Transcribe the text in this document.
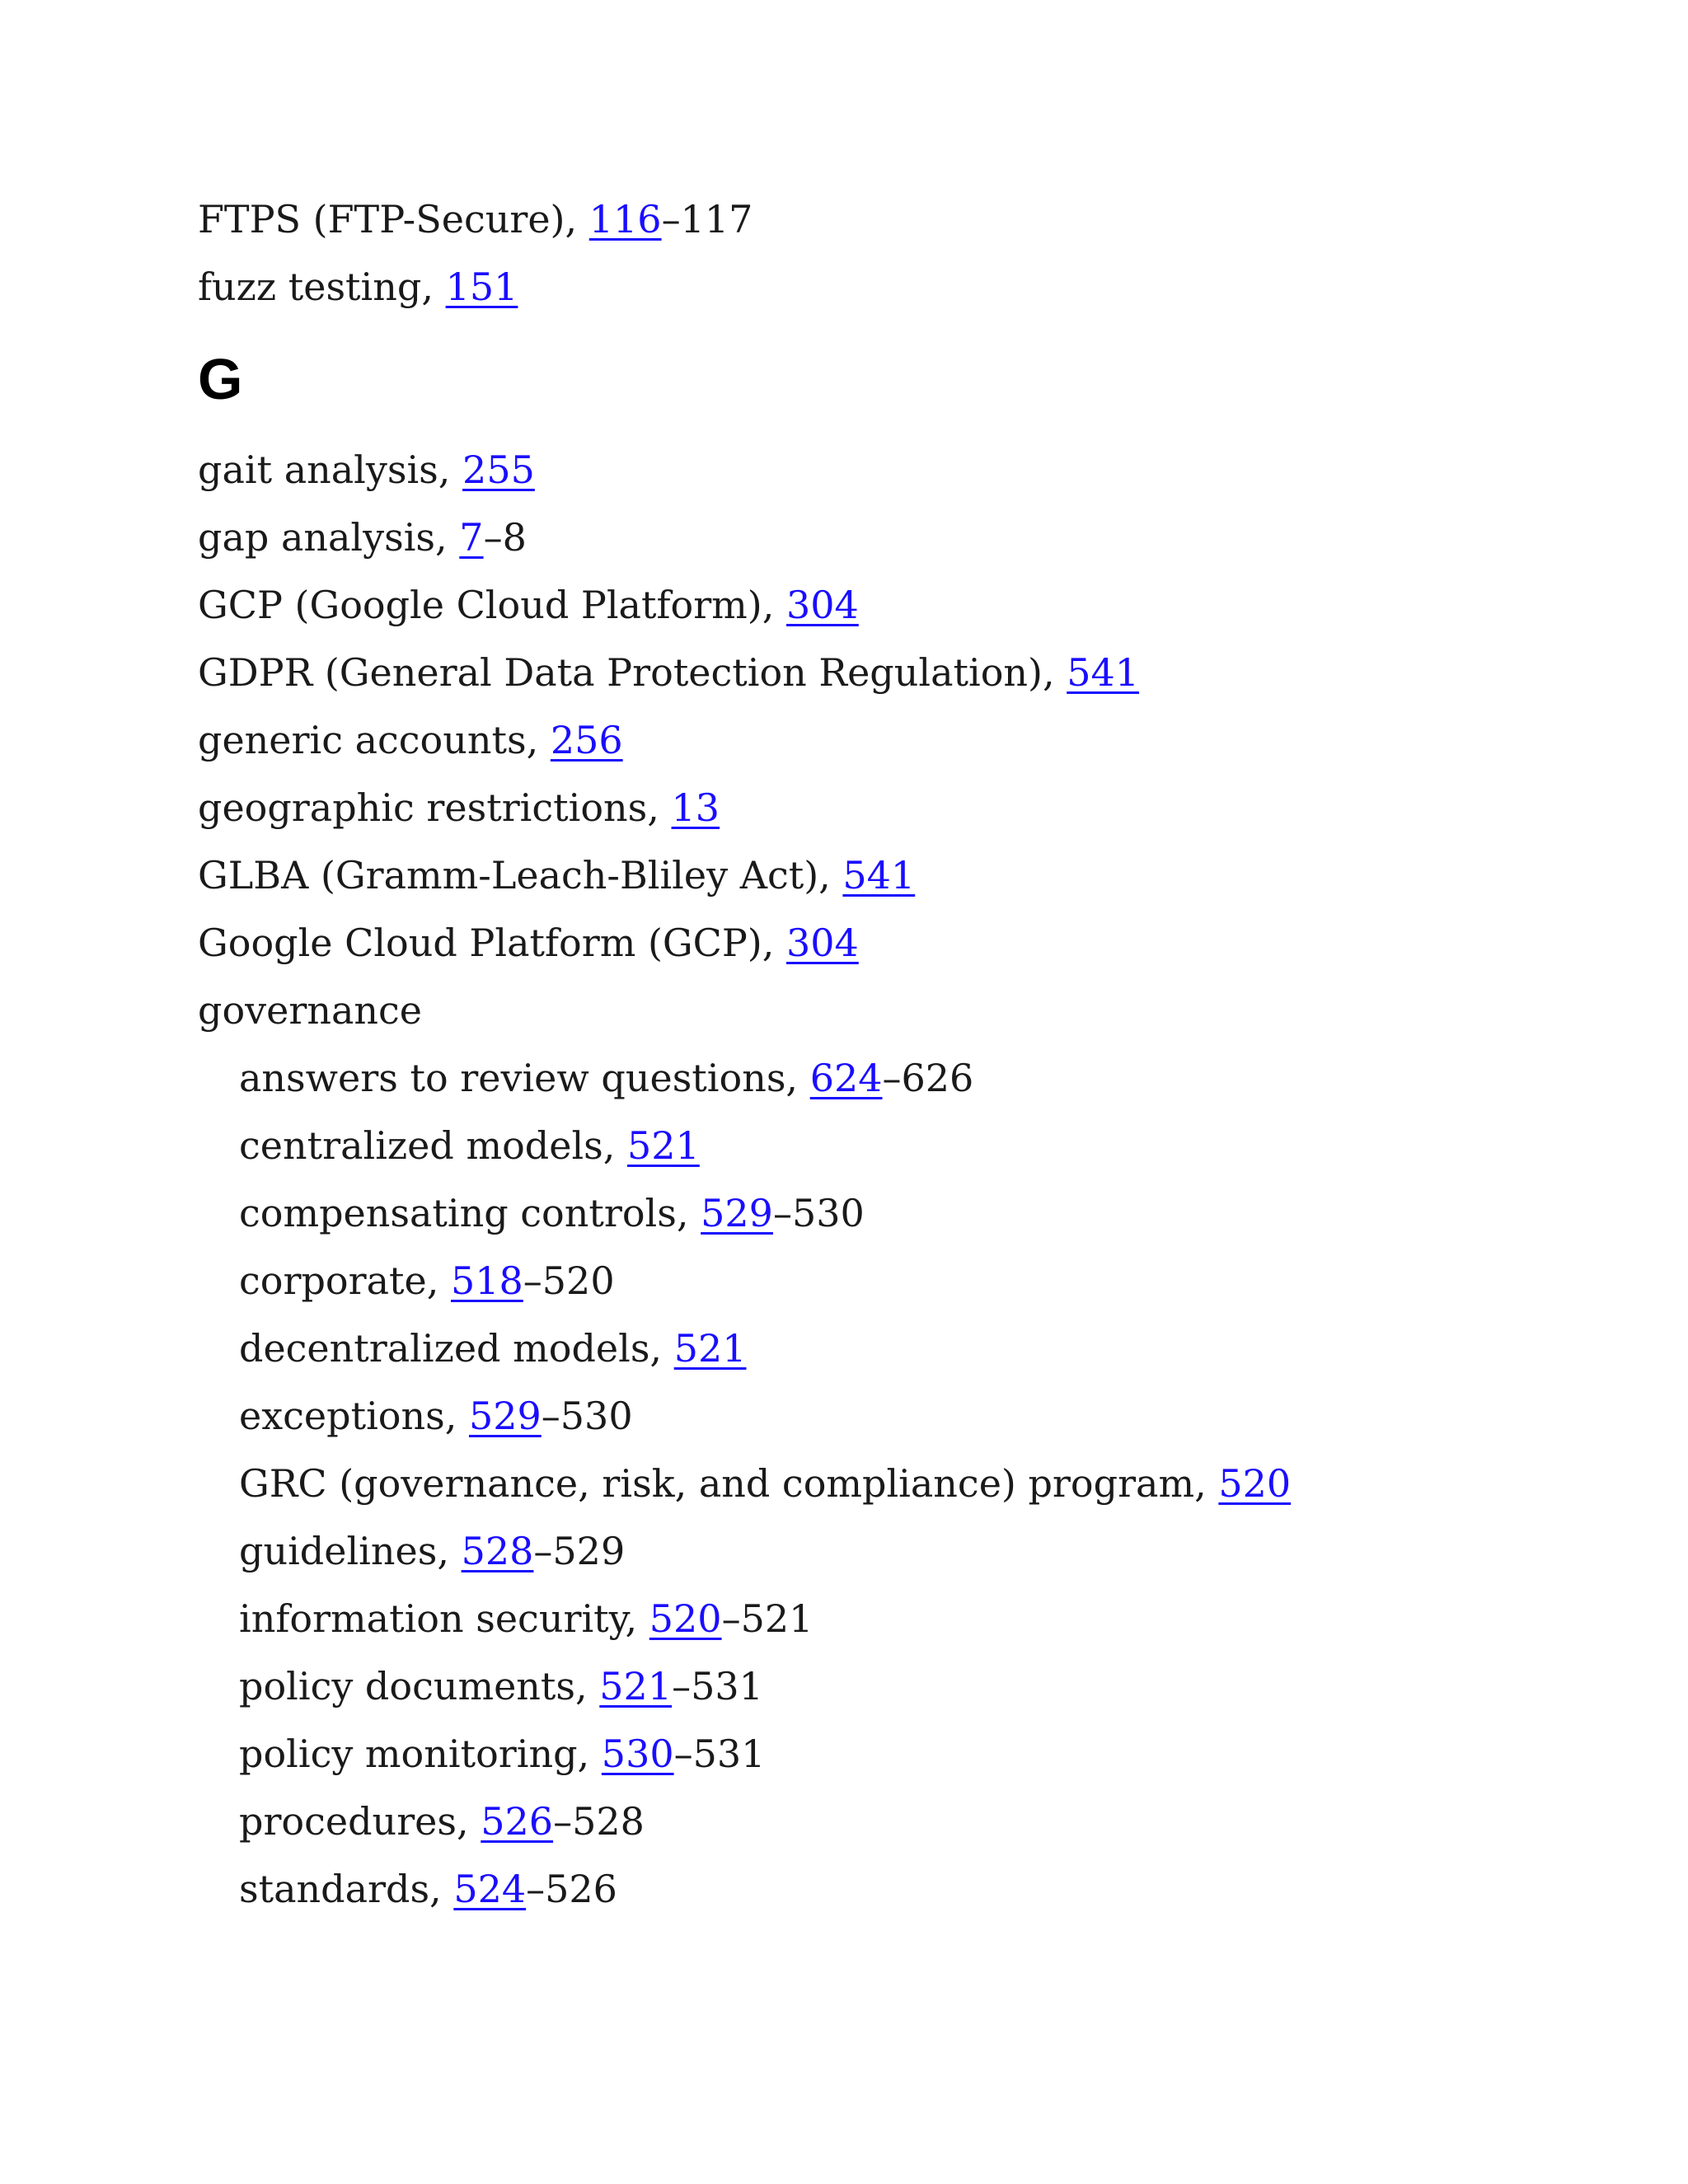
FTPS (FTP-Secure), 116–117
fuzz testing, 151
G
gait analysis, 255
gap analysis, 7–8
GCP (Google Cloud Platform), 304
GDPR (General Data Protection Regulation), 541
generic accounts, 256
geographic restrictions, 13
GLBA (Gramm-Leach-Bliley Act), 541
Google Cloud Platform (GCP), 304
governance
answers to review questions, 624–626
centralized models, 521
compensating controls, 529–530
corporate, 518–520
decentralized models, 521
exceptions, 529–530
GRC (governance, risk, and compliance) program, 520
guidelines, 528–529
information security, 520–521
policy documents, 521–531
policy monitoring, 530–531
procedures, 526–528
standards, 524–526
